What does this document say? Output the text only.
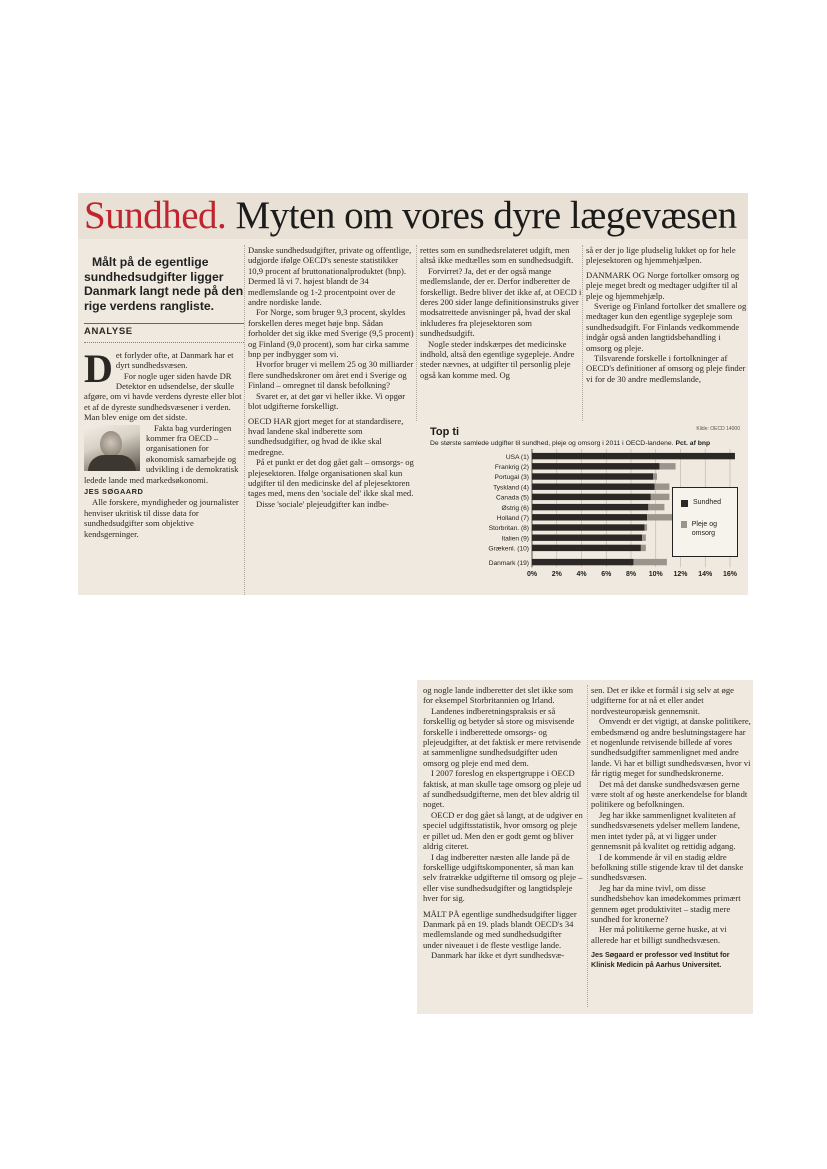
Sundhed. Myten om vores dyre lægevæsen

Målt på de egentlige sundhedsudgifter ligger Danmark langt nede på den rige verdens rangliste.

ANALYSE
D et forlyder ofte, at Danmark har et dyrt sundhedsvæsen.

For nogle uger siden havde DR Detektor en udsendelse, der skulle afgøre, om vi havde verdens dyreste eller blot et af de dyreste sundhedsvæsener i verden. Man blev enige om det sidste.

Fakta bag vurderingen kommer fra OECD – organisationen for økonomisk samarbejde og udvikling i de demokratisk ledede lande med markedsøkonomi.

JES SØGAARD

Alle forskere, myndigheder og journalister henviser ukritisk til disse data for sundhedsudgifter som objektive kendsgerninger.

Danske sundhedsudgifter, private og offentlige, udgjorde ifølge OECD's seneste statistikker 10,9 procent af bruttonationalproduktet (bnp). Dermed lå vi 7. højest blandt de 34 medlemslande og 1-2 procentpoint over de andre nordiske lande.

For Norge, som bruger 9,3 procent, skyldes forskellen deres meget høje bnp. Sådan forholder det sig ikke med Sverige (9,5 procent) og Finland (9,0 procent), som har cirka samme bnp per indbygger som vi.

Hvorfor bruger vi mellem 25 og 30 milliarder flere sundhedskroner om året end i Sverige og Finland – omregnet til dansk befolkning?

Svaret er, at det gør vi heller ikke. Vi opgør blot udgifterne forskelligt.

OECD HAR gjort meget for at standardisere, hvad landene skal indberette som sundhedsudgifter, og hvad de ikke skal medregne.

På et punkt er det dog gået galt – omsorgs- og plejesektoren. Ifølge organisationen skal kun udgifter til den medicinske del af plejesektoren tages med, mens den 'sociale del' ikke skal med.

Disse 'sociale' plejeudgifter kan indbe-

rettes som en sundhedsrelateret udgift, men altså ikke medtælles som en sundhedsudgift.

Forvirret? Ja, det er der også mange medlemslande, der er. Derfor indberetter de forskelligt. Bedre bliver det ikke af, at OECD i deres 200 sider lange definitionsinstruks giver modsatrettede anvisninger på, hvad der skal inkluderes fra plejesektoren som sundhedsudgift.

Nogle steder indskærpes det medicinske indhold, altså den egentlige sygepleje. Andre steder nævnes, at udgifter til personlig pleje også kan komme med. Og

så er der jo lige pludselig lukket op for hele plejesektoren og hjemmehjælpen.

DANMARK OG Norge fortolker omsorg og pleje meget bredt og medtager udgifter til al pleje og hjemmehjælp.

Sverige og Finland fortolker det smallere og medtager kun den egentlige sygepleje som sundhedsudgift. For Finlands vedkommende indgår også anden langtidsbehandling i omsorg og pleje.

Tilsvarende forskelle i fortolkninger af OECD's definitioner af omsorg og pleje finder vi for de 30 andre medlemslande,

Top ti	Kilde: OECD 14000
De største samlede udgifter til sundhed, pleje og omsorg i 2011 i OECD-landene. Pct. af bnp
0% 2% 4% 6% 8% 10% 12% 14% 16%
USA (1)
Frankrig (2)
Portugal (3)
Tyskland (4)
Canada (5)
Østrig (6)
Holland (7)
Storbritan. (8)
Italien (9)
Grækenl. (10)
Danmark (19)
Sundhed
Pleje og omsorg

og nogle lande indberetter det slet ikke som for eksempel Storbritannien og Irland.

Landenes indberetningspraksis er så forskellig og betyder så store og misvisende forskelle i indberettede omsorgs- og plejeudgifter, at det faktisk er mere retvisende at sammenligne sundhedsudgifter uden omsorg og pleje end med dem.

I 2007 foreslog en ekspertgruppe i OECD faktisk, at man skulle tage omsorg og pleje ud af sundhedsudgifterne, men det blev aldrig til noget.

OECD er dog gået så langt, at de udgiver en speciel udgiftsstatistik, hvor omsorg og pleje er pillet ud. Men den er godt gemt og bliver aldrig citeret.

I dag indberetter næsten alle lande på de forskellige udgiftskomponenter, så man kan selv fratrække udgifterne til omsorg og pleje – eller vise sundhedsudgifter og langtidspleje hver for sig.

MÅLT PÅ egentlige sundhedsudgifter ligger Danmark på en 19. plads blandt OECD's 34 medlemslande og med sundhedsudgifter under niveauet i de fleste vestlige lande.

Danmark har ikke et dyrt sundhedsvæ-

sen. Det er ikke et formål i sig selv at øge udgifterne for at nå et eller andet nordvesteuropæisk gennemsnit.

Omvendt er det vigtigt, at danske politikere, embedsmænd og andre beslutningstagere har et nogenlunde retvisende billede af vores sundhedsudgifter sammenlignet med andre lande. Vi har et billigt sundhedsvæsen, hvor vi får rigtig meget for sundhedskronerne.

Det må det danske sundhedsvæsen gerne være stolt af og høste anerkendelse for blandt politikere og befolkningen.

Jeg har ikke sammenlignet kvaliteten af sundhedsvæsenets ydelser mellem landene, men intet tyder på, at vi ligger under gennemsnit på kvalitet og rettidig adgang.

I de kommende år vil en stadig ældre befolkning stille stigende krav til det danske sundhedsvæsen.

Jeg har da mine tvivl, om disse sundhedsbehov kan imødekommes primært gennem øget produktivitet – stadig mere sundhed for kronerne?

Her må politikerne gerne huske, at vi allerede har et billigt sundhedsvæsen.

Jes Søgaard er professor ved Institut for Klinisk Medicin på Aarhus Universitet.
